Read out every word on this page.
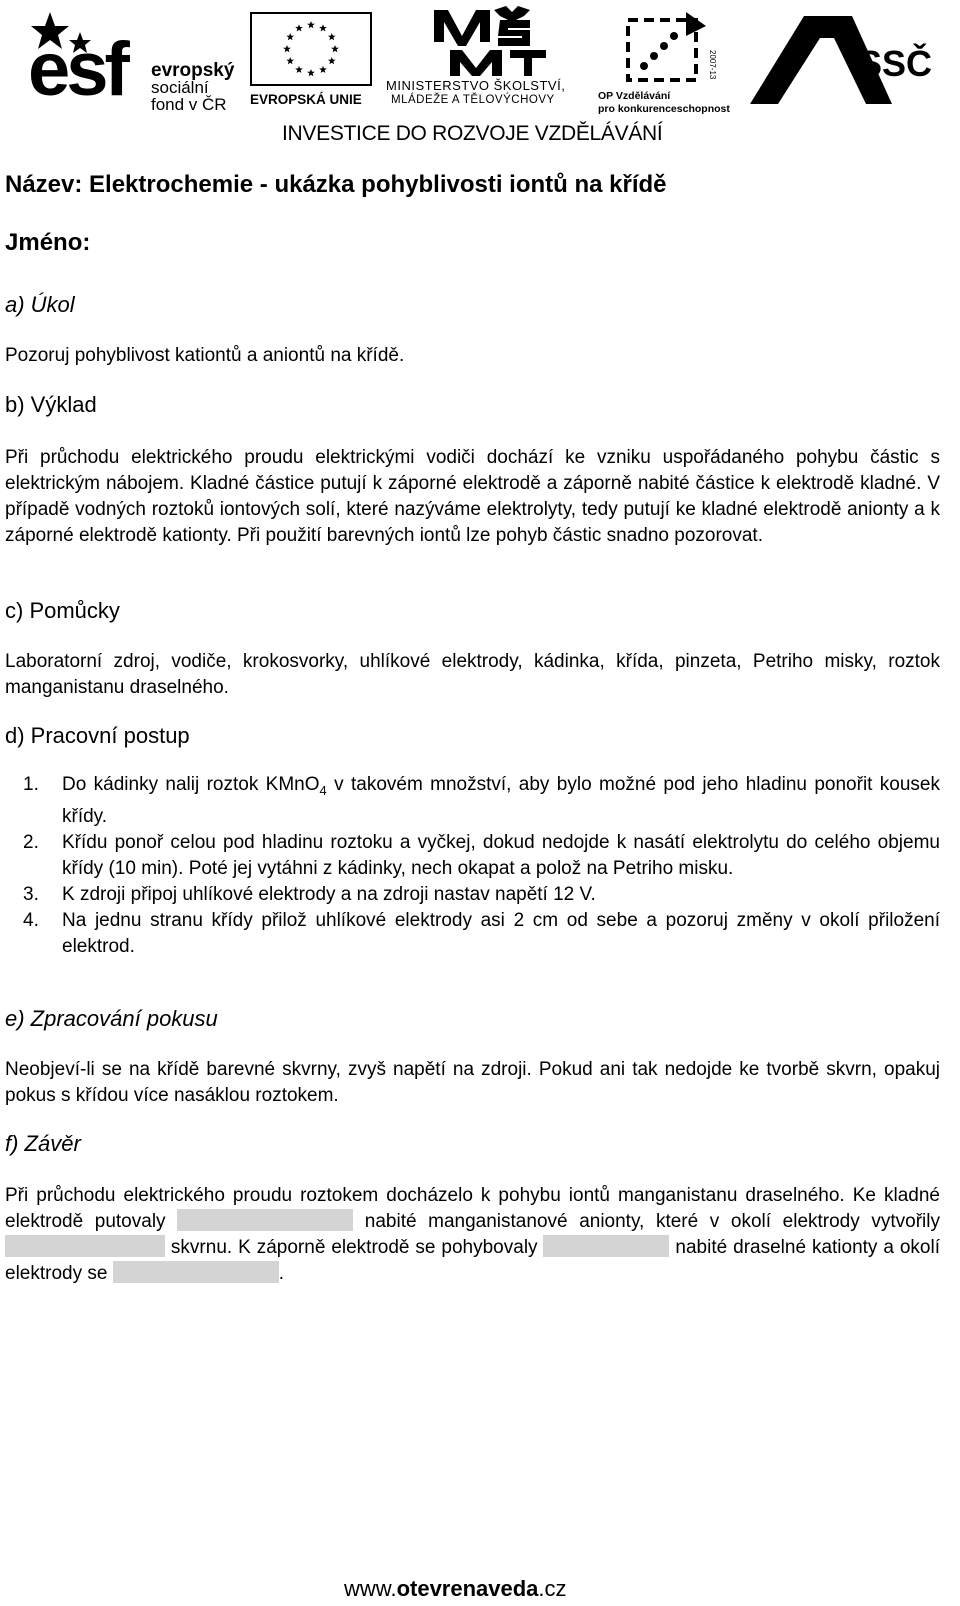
esf evropský
sociální
fond v ČR	EVROPSKÁ UNIE
MINISTERSTVO ŠKOLSTVÍ,
MLÁDEŽE A TĚLOVÝCHOVY
2007-13
OP Vzdělávání
pro konkurenceschopnost
SSČ
INVESTICE DO ROZVOJE VZDĚLÁVÁNÍ
Název: Elektrochemie - ukázka pohyblivosti iontů na křídě
Jméno:
a) Úkol
Pozoruj pohyblivost kationtů a aniontů na křídě.
b) Výklad
Při průchodu elektrického proudu elektrickými vodiči dochází ke vzniku uspořádaného pohybu částic s elektrickým nábojem. Kladné částice putují k záporné elektrodě a záporně nabité částice k elektrodě kladné. V případě vodných roztoků iontových solí, které nazýváme elektrolyty, tedy putují ke kladné elektrodě anionty a k záporné elektrodě kationty. Při použití barevných iontů lze pohyb částic snadno pozorovat.
c) Pomůcky
Laboratorní zdroj, vodiče, krokosvorky, uhlíkové elektrody, kádinka, křída, pinzeta, Petriho misky, roztok manganistanu draselného.
d) Pracovní postup
1. Do kádinky nalij roztok KMnO$_4$ v takovém množství, aby bylo možné pod jeho hladinu ponořit kousek křídy.
2. Křídu ponoř celou pod hladinu roztoku a vyčkej, dokud nedojde k nasátí elektrolytu do celého objemu křídy (10 min). Poté jej vytáhni z kádinky, nech okapat a polož na Petriho misku.
3. K zdroji připoj uhlíkové elektrody a na zdroji nastav napětí 12 V.
4. Na jednu stranu křídy přilož uhlíkové elektrody asi 2 cm od sebe a pozoruj změny v okolí přiložení elektrod.
e) Zpracování pokusu
Neobjeví-li se na křídě barevné skvrny, zvyš napětí na zdroji. Pokud ani tak nedojde ke tvorbě skvrn, opakuj pokus s křídou více nasáklou roztokem.
f) Závěr
Při průchodu elektrického proudu roztokem docházelo k pohybu iontů manganistanu draselného. Ke kladné elektrodě putovaly	nabité manganistanové anionty, které v okolí elektrody vytvořily  skvrnu. K záporně elektrodě se pohybovaly	nabité draselné kationty a okolí elektrody se	.
www.otevrenaveda.cz
